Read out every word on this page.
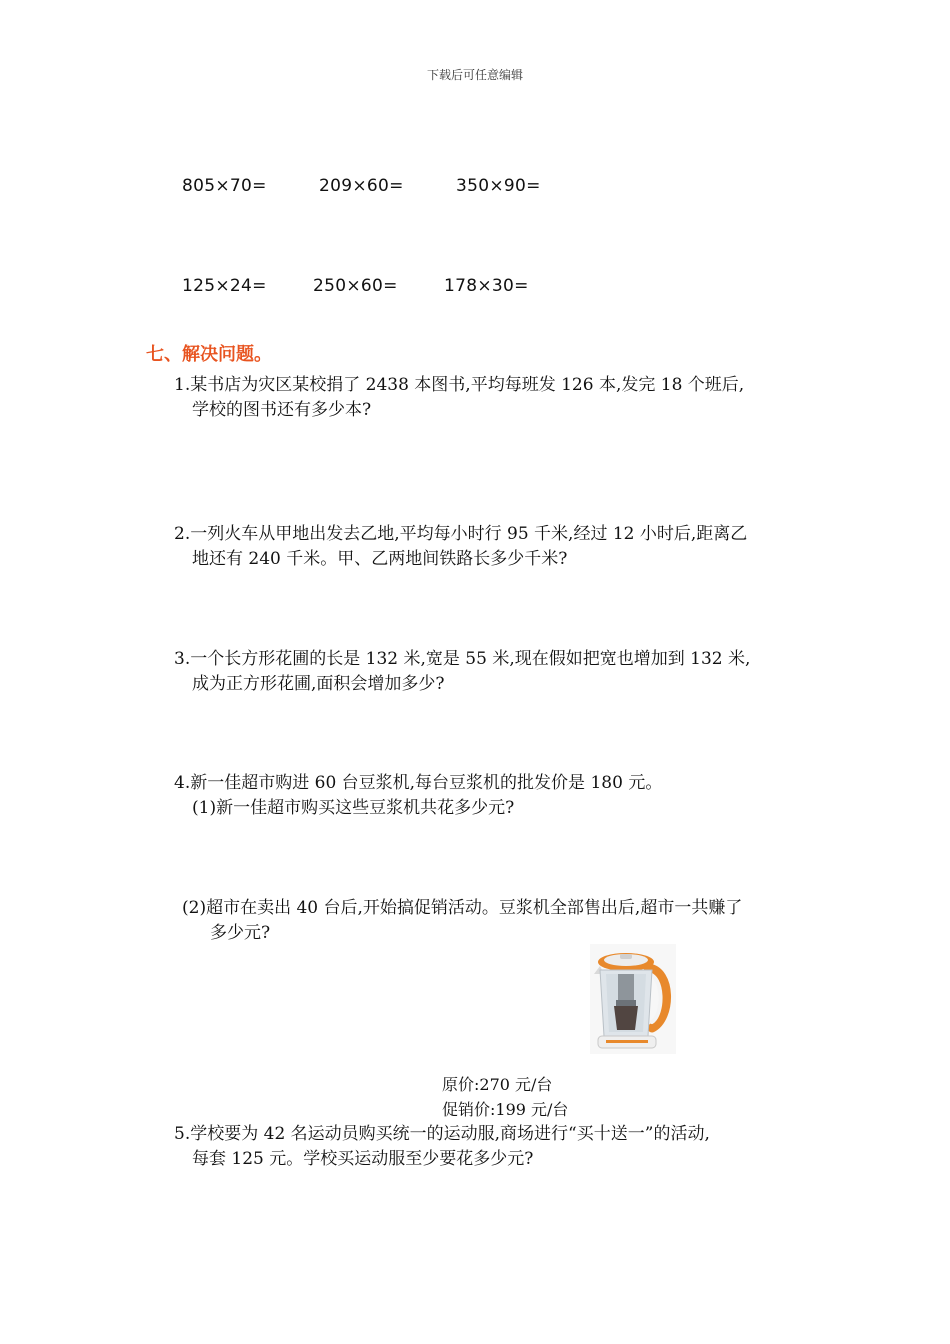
下载后可任意编辑
805×70=	209×60=	350×90=
125×24=	250×60=	178×30=
七、解决问题。
1.某书店为灾区某校捐了 2438 本图书,平均每班发 126 本,发完 18 个班后,
学校的图书还有多少本?
2.一列火车从甲地出发去乙地,平均每小时行 95 千米,经过 12 小时后,距离乙
地还有 240 千米。甲、乙两地间铁路长多少千米?
3.一个长方形花圃的长是 132 米,宽是 55 米,现在假如把宽也增加到 132 米,
成为正方形花圃,面积会增加多少?
4.新一佳超市购进 60 台豆浆机,每台豆浆机的批发价是 180 元。
(1)新一佳超市购买这些豆浆机共花多少元?
(2)超市在卖出 40 台后,开始搞促销活动。豆浆机全部售出后,超市一共赚了
多少元?
原价:270 元/台
促销价:199 元/台
5.学校要为 42 名运动员购买统一的运动服,商场进行“买十送一”的活动,
每套 125 元。学校买运动服至少要花多少元?
